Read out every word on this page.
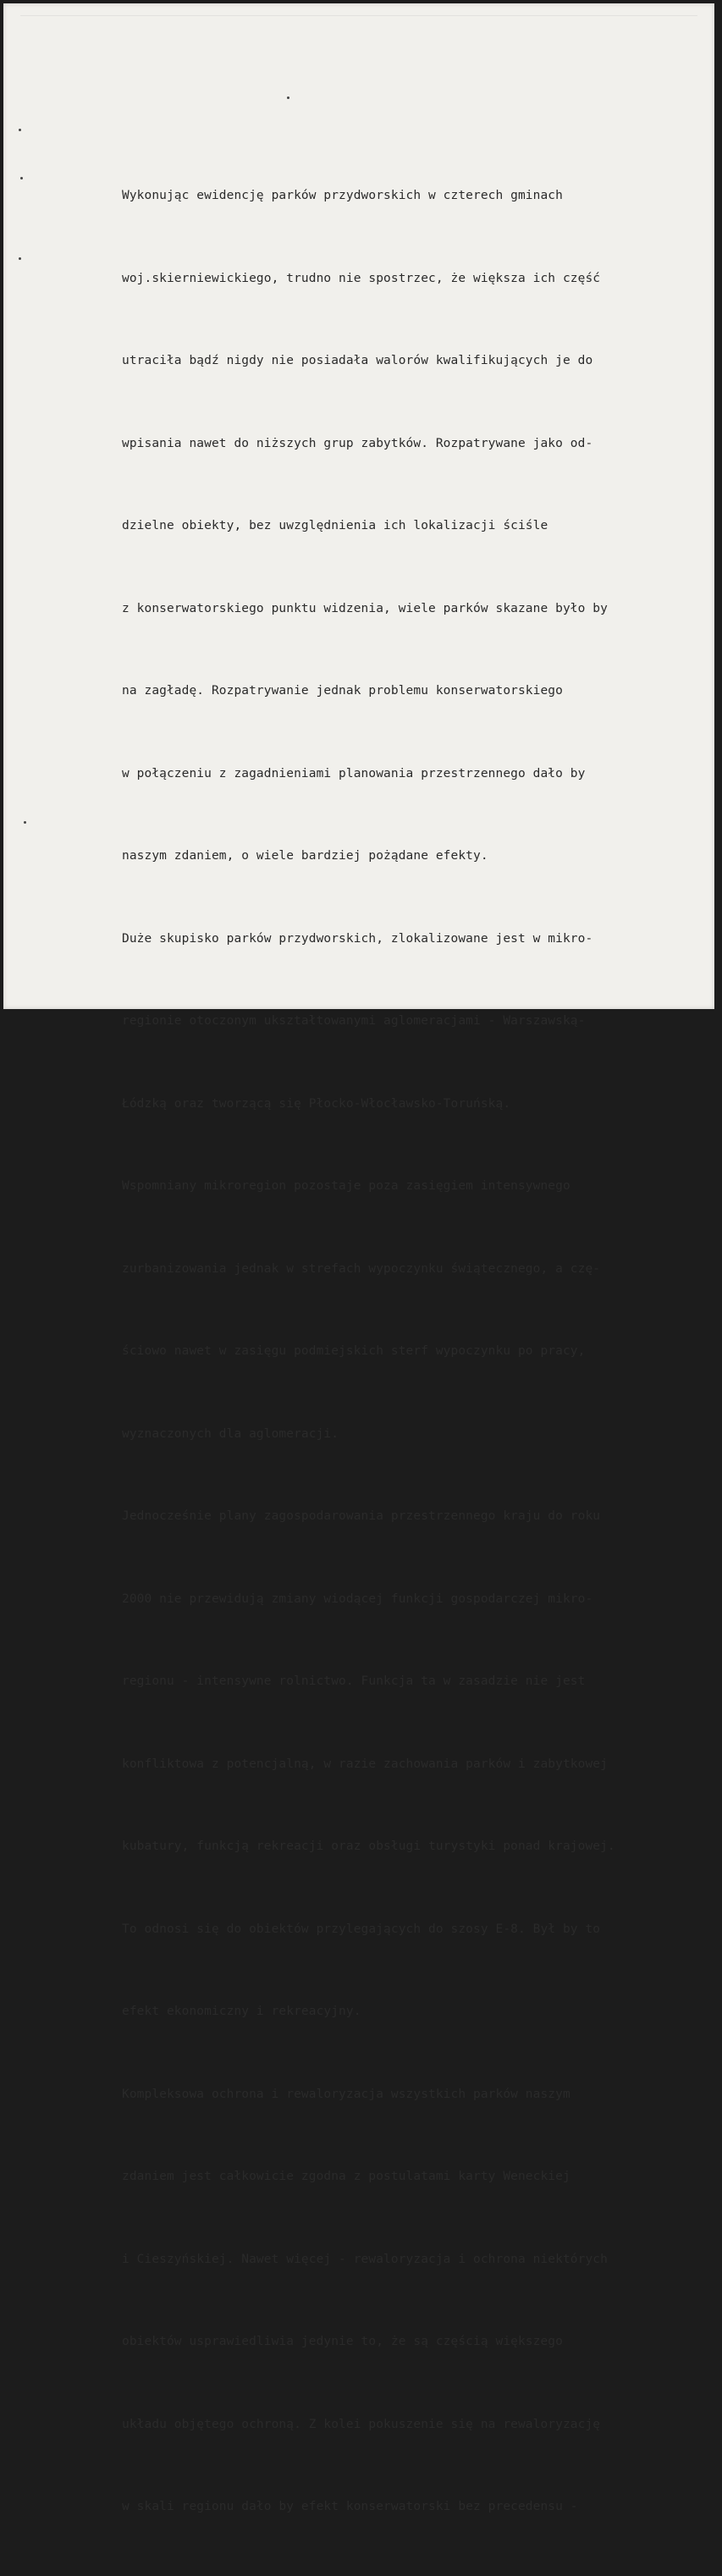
Wykonując ewidencję parków przydworskich w czterech gminach

woj.skierniewickiego, trudno nie spostrzec, że większa ich część

utraciła bądź nigdy nie posiadała walorów kwalifikujących je do

wpisania nawet do niższych grup zabytków. Rozpatrywane jako od-

dzielne obiekty, bez uwzględnienia ich lokalizacji ściśle

z konserwatorskiego punktu widzenia, wiele parków skazane było by

na zagładę. Rozpatrywanie jednak problemu konserwatorskiego

w połączeniu z zagadnieniami planowania przestrzennego dało by

naszym zdaniem, o wiele bardziej pożądane efekty.

Duże skupisko parków przydworskich, zlokalizowane jest w mikro-

regionie otoczonym ukształtowanymi aglomeracjami - Warszawską-

Łódzką oraz tworzącą się Płocko-Włocławsko-Toruńską.

Wspomniany mikroregion pozostaje poza zasięgiem intensywnego

zurbanizowania jednak w strefach wypoczynku świątecznego, a czę-

ściowo nawet w zasięgu podmiejskich sterf wypoczynku po pracy,

wyznaczonych dla aglomeracji.

Jednocześnie plany zagospodarowania przestrzennego kraju do roku

2000 nie przewidują zmiany wiodącej funkcji gospodarczej mikro-

regionu - intensywne rolnictwo. Funkcja ta w zasadzie nie jest

konfliktowa z potencjalną, w razie zachowania parków i zabytkowej

kubatury, funkcją rekreacji oraz obsługi turystyki ponad krajowej.

To odnosi się do obiektów przylegających do szosy E-8. Był by to

efekt ekonomiczny i rekreacyjny.

Kompleksowa ochrona i rewaloryzacja wszystkich parków naszym

zdaniem jest całkowicie zgodna z postulatami karty Weneckiej

i Cieszyńskiej. Nawet więcej - rewaloryzacja i ochrona niektórych

obiektów usprawiedliwia jedynie to, że są częścią większego

układu objętego ochroną. Z kolei pokuszenie się na rewaloryzację

w skali regionu dało by efekt konserwatorski bez precedensu -
